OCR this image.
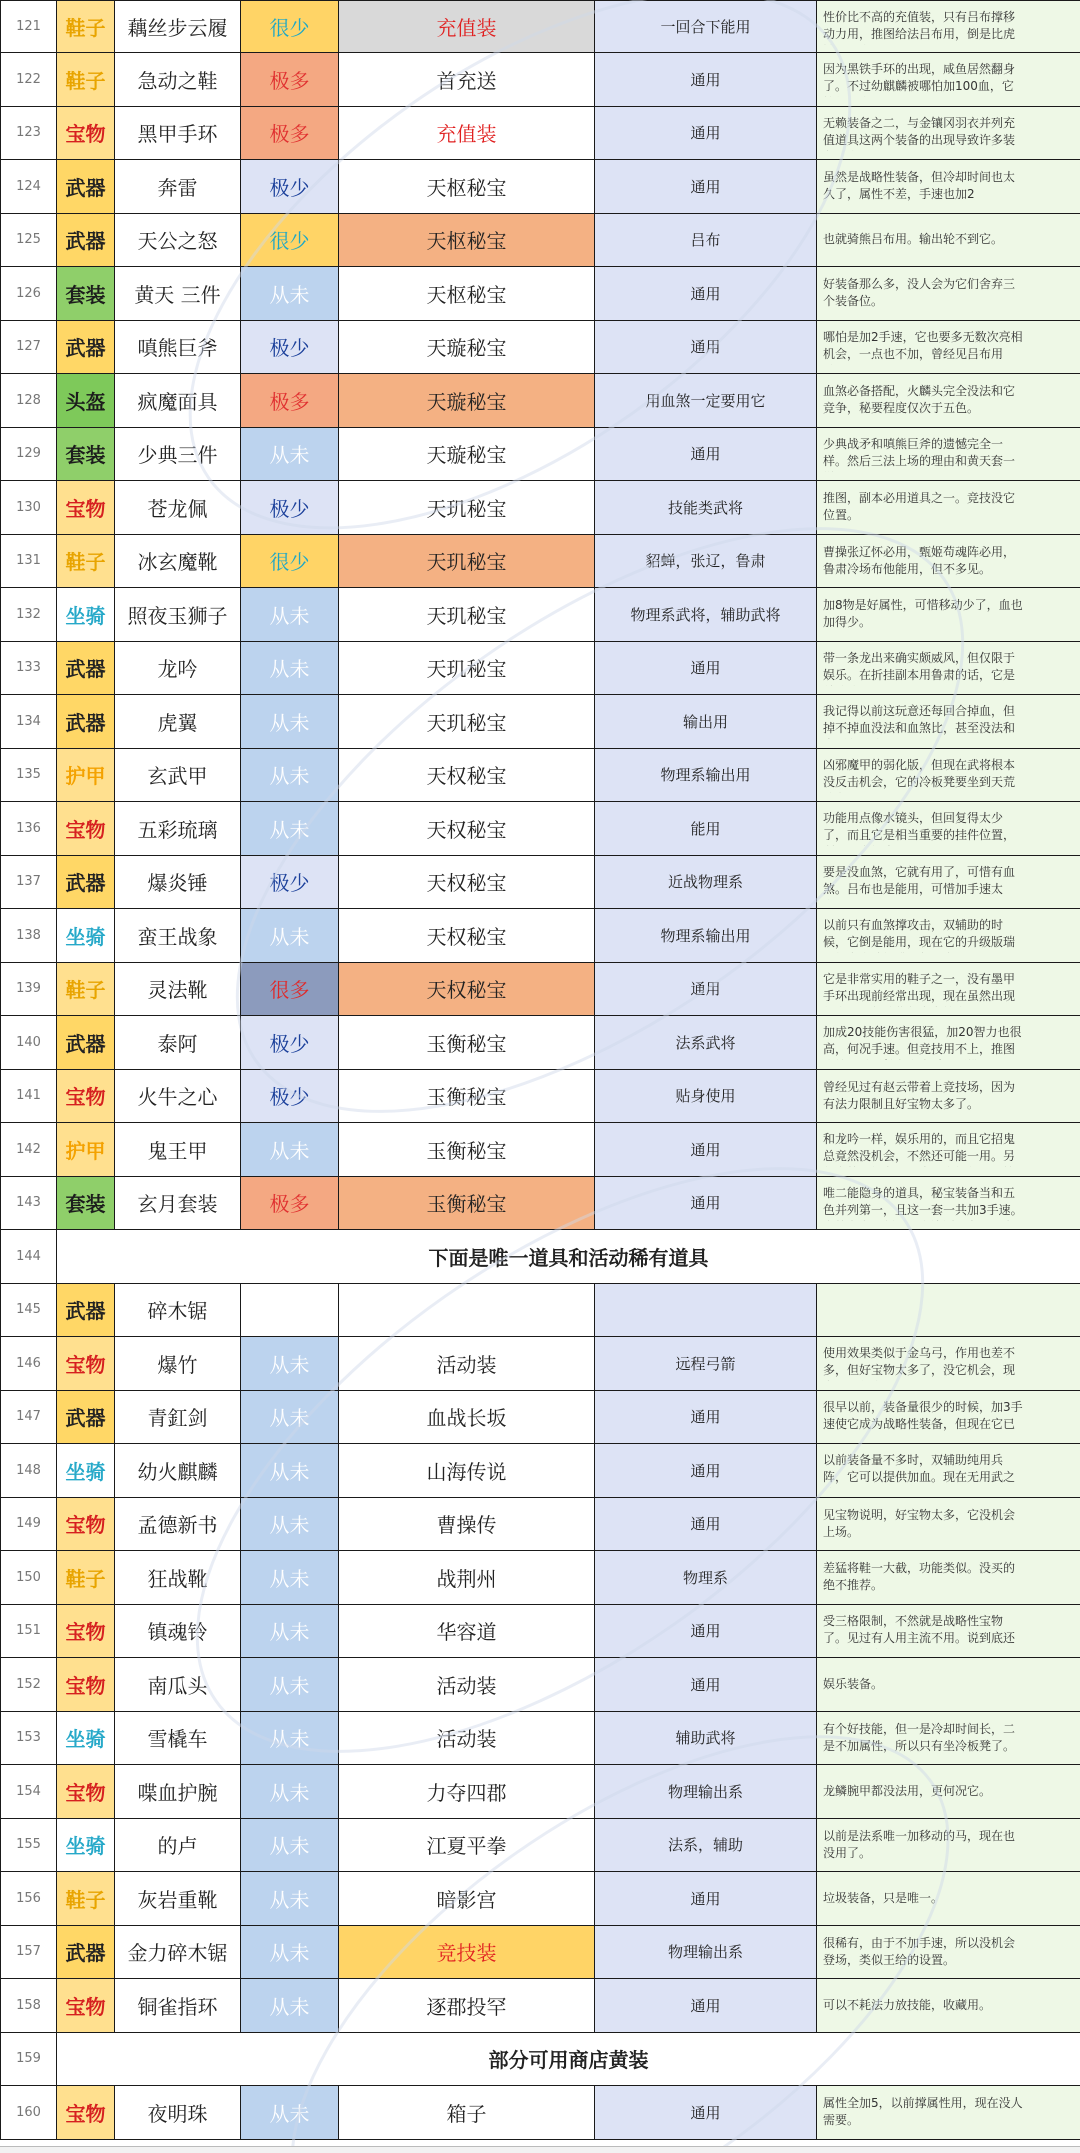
121	鞋子	藕丝步云履	很少	充值装	一回合下能用	性价比不高的充值装，只有吕布撑移动力用，推图给法吕布用，倒是比虎

122	鞋子	急动之鞋	极多	首充送	通用	因为黑铁手环的出现，咸鱼居然翻身了。不过幼麒麟被哪怕加100血，它

123	宝物	黑甲手环	极多	充值装	通用	无赖装备之二，与金镶冈羽衣并列充值道具这两个装备的出现导致许多装

124	武器	奔雷	极少	天枢秘宝	通用	虽然是战略性装备，但冷却时间也太久了，属性不差，手速也加2

125	武器	天公之怒	很少	天枢秘宝	吕布	也就骑熊吕布用。输出轮不到它。

126	套装	黄天 三件	从未	天枢秘宝	通用	好装备那么多，没人会为它们舍弃三个装备位。

127	武器	嗔熊巨斧	极少	天璇秘宝	通用	哪怕是加2手速，它也要多无数次亮相机会，一点也不加，曾经见吕布用

128	头盔	疯魔面具	极多	天璇秘宝	用血煞一定要用它	血煞必备搭配，火麟头完全没法和它竞争，秘要程度仅次于五色。

129	套装	少典三件	从未	天璇秘宝	通用	少典战矛和嗔熊巨斧的遗憾完全一样。然后三法上场的理由和黄天套一

130	宝物	苍龙佩	极少	天玑秘宝	技能类武将	推图，副本必用道具之一。竞技没它位置。

131	鞋子	冰玄魔靴	很少	天玑秘宝	貂蝉，张辽，鲁肃	曹操张辽怀必用，甄姬苟魂阵必用，鲁肃冷场布他能用，但不多见。

132	坐骑	照夜玉狮子	从未	天玑秘宝	物理系武将，辅助武将	加8物是好属性，可惜移动少了，血也加得少。

133	武器	龙吟	从未	天玑秘宝	通用	带一条龙出来确实颇威风，但仅限于娱乐。在折挂副本用鲁肃的话，它是

134	武器	虎翼	从未	天玑秘宝	输出用	我记得以前这玩意还每回合掉血，但掉不掉血没法和血煞比，甚至没法和

135	护甲	玄武甲	从未	天权秘宝	物理系输出用	凶邪魔甲的弱化版，但现在武将根本没反击机会，它的冷板凳要坐到天荒

136	宝物	五彩琉璃	从未	天权秘宝	能用	功能用点像水镜头，但回复得太少了，而且它是相当重要的挂件位置，

137	武器	爆炎锤	极少	天权秘宝	近战物理系	要是没血煞，它就有用了，可惜有血煞。吕布也是能用，可惜加手速太

138	坐骑	蛮王战象	从未	天权秘宝	物理系输出用	以前只有血煞撑攻击，双辅助的时候，它倒是能用，现在它的升级版瑞

139	鞋子	灵法靴	很多	天权秘宝	通用	它是非常实用的鞋子之一，没有墨甲手环出现前经常出现，现在虽然出现

140	武器	泰阿	极少	玉衡秘宝	法系武将	加成20技能伤害很猛，加20智力也很高，何况手速。但竞技用不上，推图

141	宝物	火牛之心	极少	玉衡秘宝	贴身使用	曾经见过有赵云带着上竞技场，因为有法力限制且好宝物太多了。

142	护甲	鬼王甲	从未	玉衡秘宝	通用	和龙吟一样，娱乐用的，而且它招鬼总竟然没机会，不然还可能一用。另

143	套装	玄月套装	极多	玉衡秘宝	通用	唯二能隐身的道具，秘宝装备当和五色并列第一，且这一套一共加3手速。

144	下面是唯一道具和活动稀有道具					
145	武器	碎木锯				

146	宝物	爆竹	从未	活动装	远程弓箭	使用效果类似于金乌弓，作用也差不多，但好宝物太多了，没它机会，现

147	武器	青釭剑	从未	血战长坂	通用	很早以前，装备量很少的时候，加3手速使它成为战略性装备，但现在它已

148	坐骑	幼火麒麟	从未	山海传说	通用	以前装备量不多时，双辅助纯用兵阵，它可以提供加血。现在无用武之

149	宝物	孟德新书	从未	曹操传	通用	见宝物说明，好宝物太多，它没机会上场。

150	鞋子	狂战靴	从未	战荆州	物理系	差猛将鞋一大截，功能类似。没买的绝不推荐。

151	宝物	镇魂铃	从未	华容道	通用	受三格限制，不然就是战略性宝物了。见过有人用主流不用。说到底还

152	宝物	南瓜头	从未	活动装	通用	娱乐装备。

153	坐骑	雪橇车	从未	活动装	辅助武将	有个好技能，但一是冷却时间长，二是不加属性，所以只有坐冷板凳了。

154	宝物	喋血护腕	从未	力夺四郡	物理输出系	龙鳞腕甲都没法用，更何况它。

155	坐骑	的卢	从未	江夏平拳	法系，辅助	以前是法系唯一加移动的马，现在也没用了。

156	鞋子	灰岩重靴	从未	暗影宫	通用	垃圾装备，只是唯一。

157	武器	金力碎木锯	从未	竞技装	物理输出系	很稀有，由于不加手速，所以没机会登场，类似王给的设置。

158	宝物	铜雀指环	从未	逐郡投罕	通用	可以不耗法力放技能，收藏用。

159	部分可用商店黄装					
160	宝物	夜明珠	从未	箱子	通用	属性全加5，以前撑属性用，现在没人需要。
